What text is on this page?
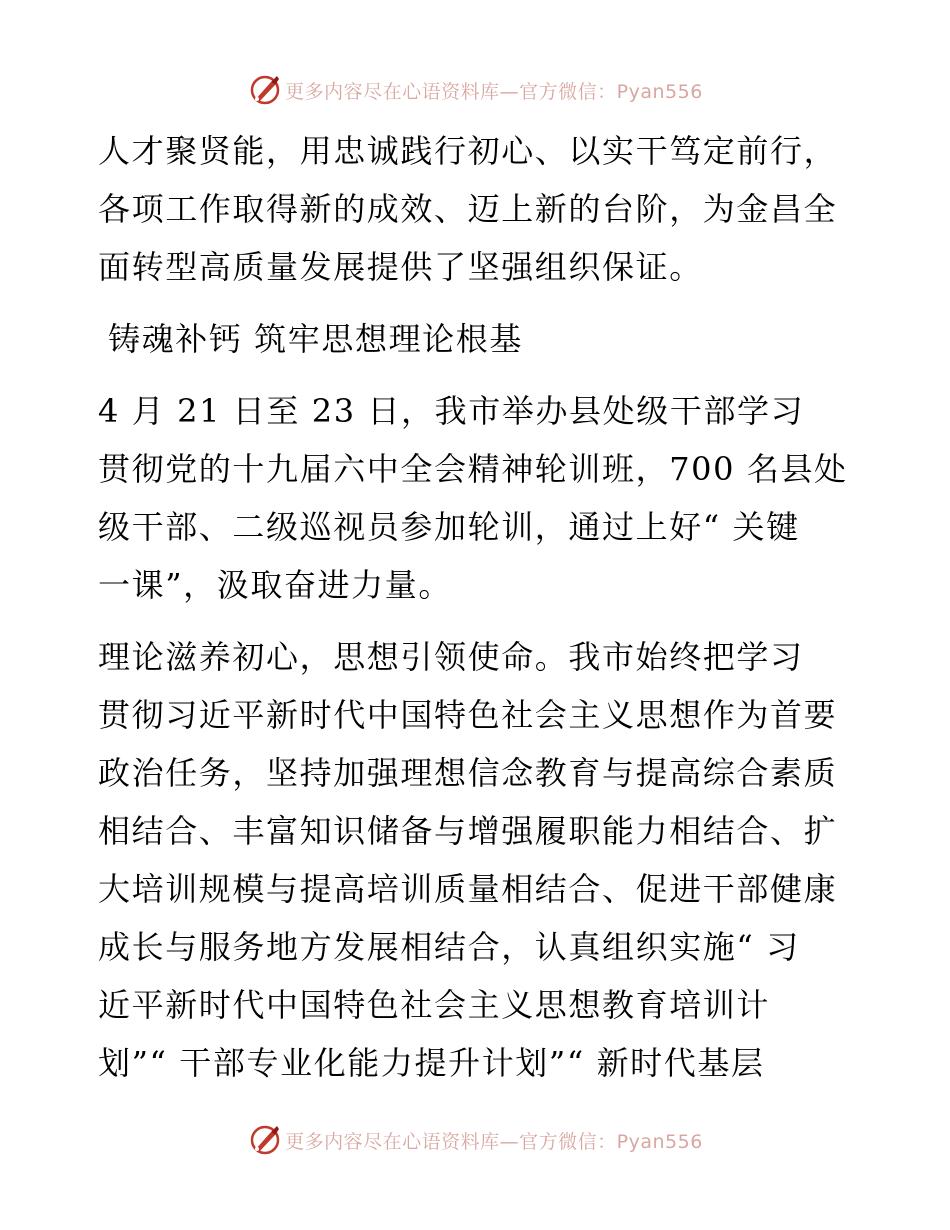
更多内容尽在心语资料库—官方微信：Pyan556

人才聚贤能，用忠诚践行初心、以实干笃定前行，
各项工作取得新的成效、迈上新的台阶，为金昌全
面转型高质量发展提供了坚强组织保证。

铸魂补钙 筑牢思想理论根基

4 月 21 日至 23 日，我市举办县处级干部学习
贯彻党的十九届六中全会精神轮训班，700 名县处
级干部、二级巡视员参加轮训，通过上好“ 关键
一课”，汲取奋进力量。

理论滋养初心，思想引领使命。我市始终把学习
贯彻习近平新时代中国特色社会主义思想作为首要
政治任务，坚持加强理想信念教育与提高综合素质
相结合、丰富知识储备与增强履职能力相结合、扩
大培训规模与提高培训质量相结合、促进干部健康
成长与服务地方发展相结合，认真组织实施“ 习
近平新时代中国特色社会主义思想教育培训计
划”“ 干部专业化能力提升计划”“ 新时代基层

更多内容尽在心语资料库—官方微信：Pyan556
